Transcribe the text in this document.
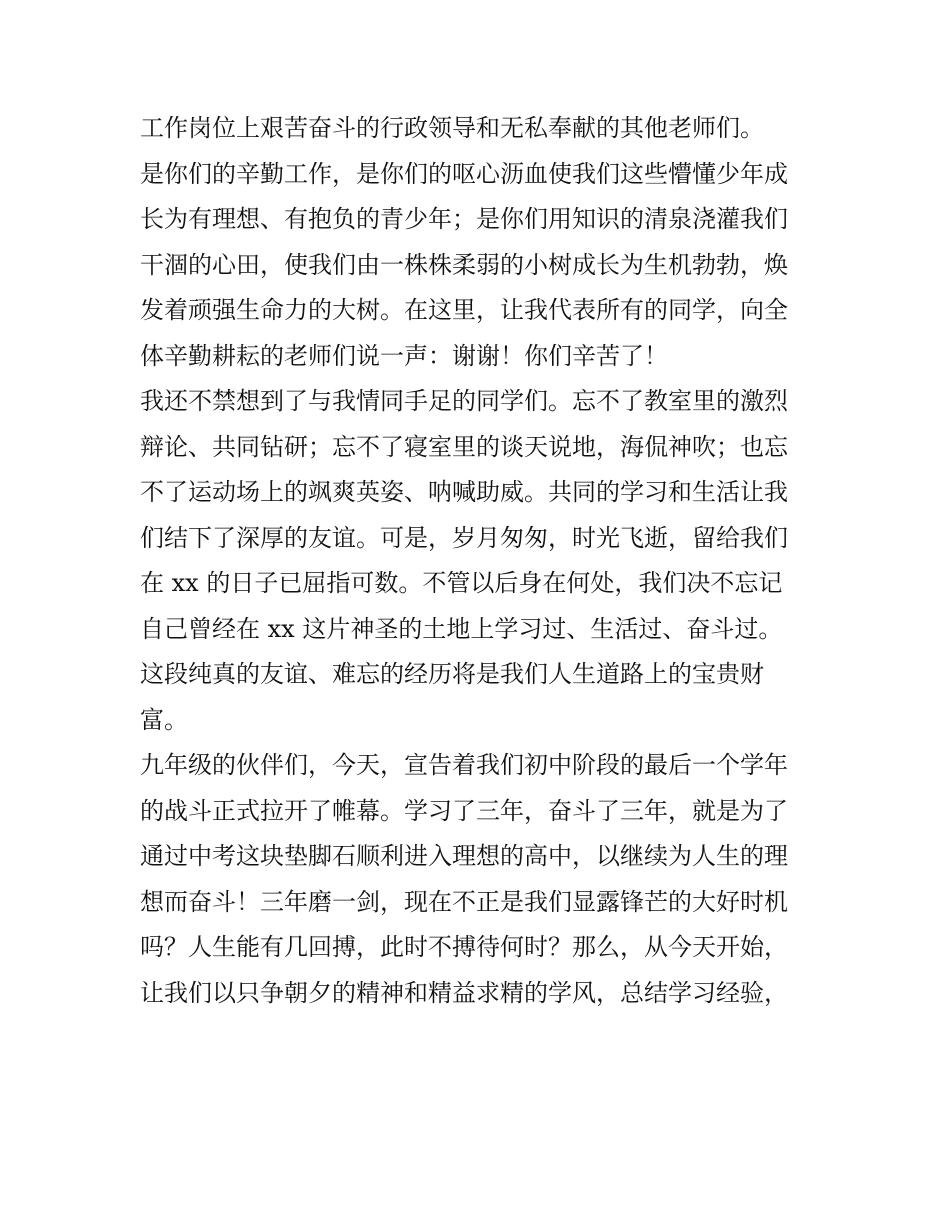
工作岗位上艰苦奋斗的行政领导和无私奉献的其他老师们。
是你们的辛勤工作，是你们的呕心沥血使我们这些懵懂少年成
长为有理想、有抱负的青少年；是你们用知识的清泉浇灌我们
干涸的心田，使我们由一株株柔弱的小树成长为生机勃勃，焕
发着顽强生命力的大树。在这里，让我代表所有的同学，向全
体辛勤耕耘的老师们说一声：谢谢！你们辛苦了！
我还不禁想到了与我情同手足的同学们。忘不了教室里的激烈
辩论、共同钻研；忘不了寝室里的谈天说地，海侃神吹；也忘
不了运动场上的飒爽英姿、呐喊助威。共同的学习和生活让我
们结下了深厚的友谊。可是，岁月匆匆，时光飞逝，留给我们
在 xx 的日子已屈指可数。不管以后身在何处，我们决不忘记
自己曾经在 xx 这片神圣的土地上学习过、生活过、奋斗过。
这段纯真的友谊、难忘的经历将是我们人生道路上的宝贵财
富。
九年级的伙伴们，今天，宣告着我们初中阶段的最后一个学年
的战斗正式拉开了帷幕。学习了三年，奋斗了三年，就是为了
通过中考这块垫脚石顺利进入理想的高中，以继续为人生的理
想而奋斗！三年磨一剑，现在不正是我们显露锋芒的大好时机
吗？人生能有几回搏，此时不搏待何时？那么，从今天开始，
让我们以只争朝夕的精神和精益求精的学风，总结学习经验，
